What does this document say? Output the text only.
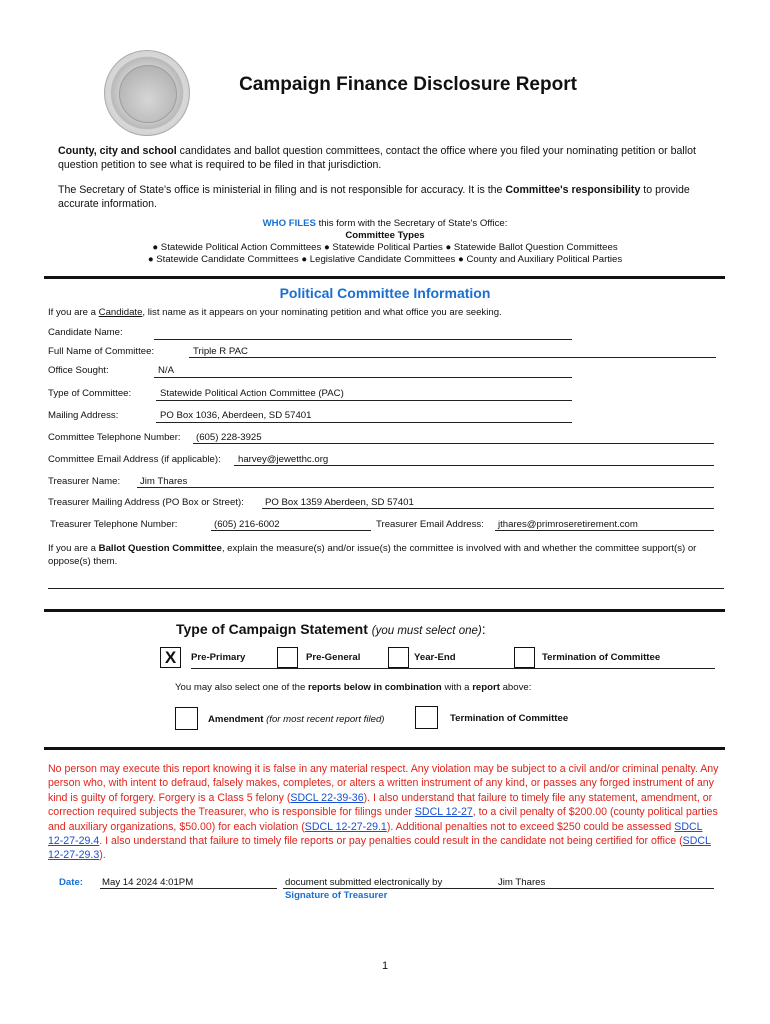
Campaign Finance Disclosure Report
County, city and school candidates and ballot question committees, contact the office where you filed your nominating petition or ballot question petition to see what is required to be filed in that jurisdiction.
The Secretary of State's office is ministerial in filing and is not responsible for accuracy. It is the Committee's responsibility to provide accurate information.
WHO FILES this form with the Secretary of State's Office:
Committee Types
● Statewide Political Action Committees ● Statewide Political Parties ● Statewide Ballot Question Committees
● Statewide Candidate Committees ● Legislative Candidate Committees ● County and Auxiliary Political Parties
Political Committee Information
If you are a Candidate, list name as it appears on your nominating petition and what office you are seeking.
Candidate Name:
Full Name of Committee:	Triple R PAC
Office Sought:	N/A
Type of Committee:	Statewide Political Action Committee (PAC)
Mailing Address:	PO Box 1036, Aberdeen, SD 57401
Committee Telephone Number: (605) 228-3925
Committee Email Address (if applicable): harvey@jewetthc.org
Treasurer Name: Jim Thares
Treasurer Mailing Address (PO Box or Street): PO Box 1359 Aberdeen, SD 57401
Treasurer Telephone Number:	(605) 216-6002	Treasurer Email Address: jthares@primroseretirement.com
If you are a Ballot Question Committee, explain the measure(s) and/or issue(s) the committee is involved with and whether the committee support(s) or oppose(s) them.
Type of Campaign Statement (you must select one):
X	Pre-Primary	Pre-General	Year-End	Termination of Committee
You may also select one of the reports below in combination with a report above:
Amendment (for most recent report filed)	Termination of Committee
No person may execute this report knowing it is false in any material respect. Any violation may be subject to a civil and/or criminal penalty. Any person who, with intent to defraud, falsely makes, completes, or alters a written instrument of any kind, or passes any forged instrument of any kind is guilty of forgery. Forgery is a Class 5 felony (SDCL 22-39-36). I also understand that failure to timely file any statement, amendment, or correction required subjects the Treasurer, who is responsible for filings under SDCL 12-27, to a civil penalty of $200.00 (county political parties and auxiliary organizations, $50.00) for each violation (SDCL 12-27-29.1). Additional penalties not to exceed $250 could be assessed SDCL 12-27-29.4. I also understand that failure to timely file reports or pay penalties could result in the candidate not being certified for office (SDCL 12-27-29.3).
Date: May 14 2024 4:01PM	document submitted electronically by	Jim Thares
Signature of Treasurer
1
